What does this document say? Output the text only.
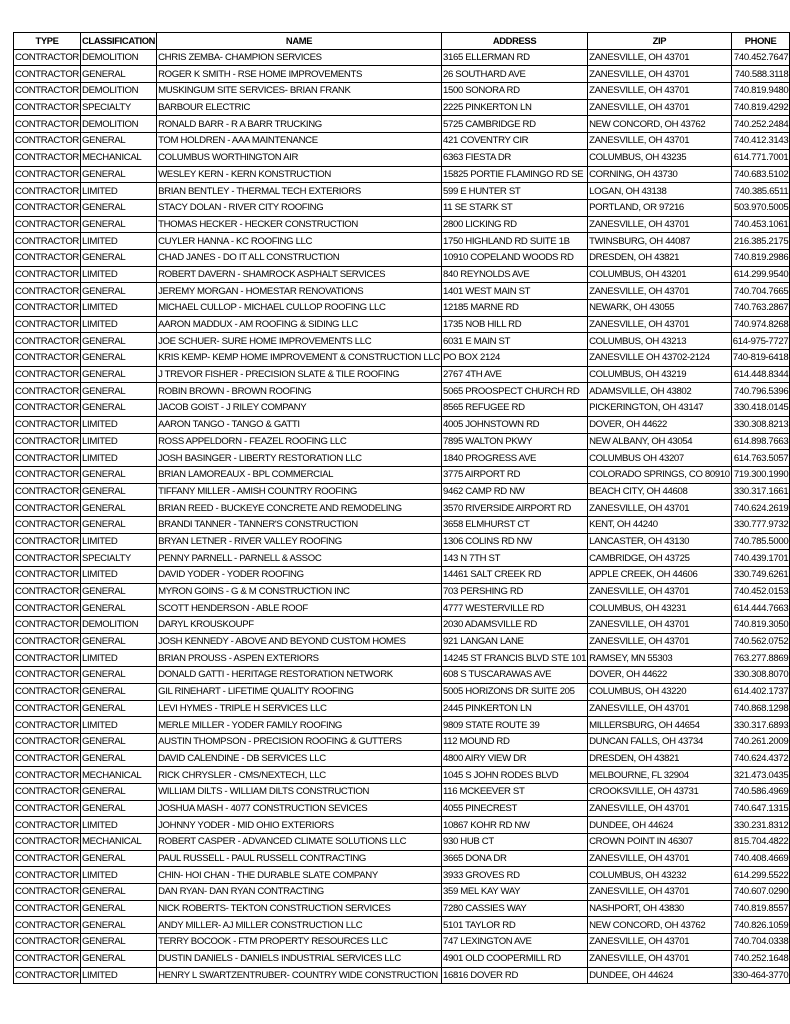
TYPE	CLASSIFICATION	NAME	ADDRESS	ZIP	PHONE
CONTRACTOR	DEMOLITION	CHRIS ZEMBA- CHAMPION SERVICES	3165 ELLERMAN RD	ZANESVILLE, OH 43701	740.452.7647
CONTRACTOR	GENERAL	ROGER K SMITH - RSE HOME IMPROVEMENTS	26 SOUTHARD AVE	ZANESVILLE, OH 43701	740.588.3118
CONTRACTOR	DEMOLITION	MUSKINGUM SITE SERVICES- BRIAN FRANK	1500 SONORA RD	ZANESVILLE, OH 43701	740.819.9480
CONTRACTOR	SPECIALTY	BARBOUR ELECTRIC	2225 PINKERTON LN	ZANESVILLE, OH 43701	740.819.4292
CONTRACTOR	DEMOLITION	RONALD BARR - R A BARR TRUCKING	5725 CAMBRIDGE RD	NEW CONCORD, OH 43762	740.252.2484
CONTRACTOR	GENERAL	TOM HOLDREN - AAA MAINTENANCE	421 COVENTRY CIR	ZANESVILLE, OH 43701	740.412.3143
CONTRACTOR	MECHANICAL	COLUMBUS WORTHINGTON AIR	6363 FIESTA DR	COLUMBUS, OH 43235	614.771.7001
CONTRACTOR	GENERAL	WESLEY KERN - KERN KONSTRUCTION	15825 PORTIE FLAMINGO RD SE	CORNING, OH 43730	740.683.5102
CONTRACTOR	LIMITED	BRIAN BENTLEY - THERMAL TECH EXTERIORS	599 E HUNTER ST	LOGAN, OH 43138	740.385.6511
CONTRACTOR	GENERAL	STACY DOLAN - RIVER CITY ROOFING	11 SE STARK ST	PORTLAND, OR 97216	503.970.5005
CONTRACTOR	GENERAL	THOMAS HECKER - HECKER CONSTRUCTION	2800 LICKING RD	ZANESVILLE, OH 43701	740.453.1061
CONTRACTOR	LIMITED	CUYLER HANNA - KC ROOFING LLC	1750 HIGHLAND RD SUITE 1B	TWINSBURG, OH 44087	216.385.2175
CONTRACTOR	GENERAL	CHAD JANES - DO IT ALL CONSTRUCTION	10910 COPELAND WOODS RD	DRESDEN, OH 43821	740.819.2986
CONTRACTOR	LIMITED	ROBERT DAVERN - SHAMROCK ASPHALT SERVICES	840 REYNOLDS AVE	COLUMBUS, OH 43201	614.299.9540
CONTRACTOR	GENERAL	JEREMY MORGAN - HOMESTAR RENOVATIONS	1401 WEST MAIN ST	ZANESVILLE, OH 43701	740.704.7665
CONTRACTOR	LIMITED	MICHAEL CULLOP - MICHAEL CULLOP ROOFING LLC	12185 MARNE RD	NEWARK, OH 43055	740.763.2867
CONTRACTOR	LIMITED	AARON MADDUX - AM ROOFING & SIDING LLC	1735 NOB HILL RD	ZANESVILLE, OH 43701	740.974.8268
CONTRACTOR	GENERAL	JOE SCHUER- SURE HOME IMPROVEMENTS LLC	6031 E MAIN ST	COLUMBUS, OH 43213	614-975-7727
CONTRACTOR	GENERAL	KRIS KEMP- KEMP HOME IMPROVEMENT & CONSTRUCTION LLC	PO BOX 2124	ZANESVILLE OH 43702-2124	740-819-6418
CONTRACTOR	GENERAL	J TREVOR FISHER - PRECISION SLATE & TILE ROOFING	2767 4TH AVE	COLUMBUS, OH 43219	614.448.8344
CONTRACTOR	GENERAL	ROBIN BROWN - BROWN ROOFING	5065 PROOSPECT CHURCH RD	ADAMSVILLE, OH 43802	740.796.5396
CONTRACTOR	GENERAL	JACOB GOIST - J RILEY COMPANY	8565 REFUGEE RD	PICKERINGTON, OH 43147	330.418.0145
CONTRACTOR	LIMITED	AARON TANGO - TANGO & GATTI	4005 JOHNSTOWN RD	DOVER, OH 44622	330.308.8213
CONTRACTOR	LIMITED	ROSS APPELDORN - FEAZEL ROOFING LLC	7895 WALTON PKWY	NEW ALBANY, OH 43054	614.898.7663
CONTRACTOR	LIMITED	JOSH BASINGER - LIBERTY RESTORATION LLC	1840 PROGRESS AVE	COLUMBUS OH 43207	614.763.5057
CONTRACTOR	GENERAL	BRIAN LAMOREAUX - BPL COMMERCIAL	3775 AIRPORT RD	COLORADO SPRINGS, CO 80910	719.300.1990
CONTRACTOR	GENERAL	TIFFANY MILLER - AMISH COUNTRY ROOFING	9462 CAMP RD NW	BEACH CITY, OH 44608	330.317.1661
CONTRACTOR	GENERAL	BRIAN REED - BUCKEYE CONCRETE AND REMODELING	3570 RIVERSIDE AIRPORT RD	ZANESVILLE, OH 43701	740.624.2619
CONTRACTOR	GENERAL	BRANDI TANNER - TANNER'S CONSTRUCTION	3658 ELMHURST CT	KENT, OH 44240	330.777.9732
CONTRACTOR	LIMITED	BRYAN LETNER - RIVER VALLEY ROOFING	1306 COLINS RD NW	LANCASTER, OH 43130	740.785.5000
CONTRACTOR	SPECIALTY	PENNY PARNELL - PARNELL & ASSOC	143 N 7TH ST	CAMBRIDGE, OH 43725	740.439.1701
CONTRACTOR	LIMITED	DAVID YODER - YODER ROOFING	14461 SALT CREEK RD	APPLE CREEK, OH 44606	330.749.6261
CONTRACTOR	GENERAL	MYRON GOINS - G & M CONSTRUCTION INC	703 PERSHING RD	ZANESVILLE, OH 43701	740.452.0153
CONTRACTOR	GENERAL	SCOTT HENDERSON - ABLE ROOF	4777 WESTERVILLE RD	COLUMBUS, OH 43231	614.444.7663
CONTRACTOR	DEMOLITION	DARYL KROUSKOUPF	2030 ADAMSVILLE RD	ZANESVILLE, OH 43701	740.819.3050
CONTRACTOR	GENERAL	JOSH KENNEDY - ABOVE AND BEYOND CUSTOM HOMES	921 LANGAN LANE	ZANESVILLE, OH 43701	740.562.0752
CONTRACTOR	LIMITED	BRIAN PROUSS - ASPEN EXTERIORS	14245 ST FRANCIS BLVD STE 101	RAMSEY, MN 55303	763.277.8869
CONTRACTOR	GENERAL	DONALD GATTI - HERITAGE RESTORATION NETWORK	608 S TUSCARAWAS AVE	DOVER, OH 44622	330.308.8070
CONTRACTOR	GENERAL	GIL RINEHART - LIFETIME QUALITY ROOFING	5005 HORIZONS DR SUITE 205	COLUMBUS, OH 43220	614.402.1737
CONTRACTOR	GENERAL	LEVI HYMES - TRIPLE H SERVICES LLC	2445 PINKERTON LN	ZANESVILLE, OH 43701	740.868.1298
CONTRACTOR	LIMITED	MERLE MILLER - YODER FAMILY ROOFING	9809 STATE ROUTE 39	MILLERSBURG, OH 44654	330.317.6893
CONTRACTOR	GENERAL	AUSTIN THOMPSON - PRECISION ROOFING & GUTTERS	112 MOUND RD	DUNCAN FALLS, OH 43734	740.261.2009
CONTRACTOR	GENERAL	DAVID CALENDINE - DB SERVICES LLC	4800 AIRY VIEW DR	DRESDEN, OH 43821	740.624.4372
CONTRACTOR	MECHANICAL	RICK CHRYSLER - CMS/NEXTECH, LLC	1045 S JOHN RODES BLVD	MELBOURNE, FL 32904	321.473.0435
CONTRACTOR	GENERAL	WILLIAM DILTS - WILLIAM DILTS CONSTRUCTION	116 MCKEEVER ST	CROOKSVILLE, OH 43731	740.586.4969
CONTRACTOR	GENERAL	JOSHUA MASH - 4077 CONSTRUCTION SEVICES	4055 PINECREST	ZANESVILLE, OH 43701	740.647.1315
CONTRACTOR	LIMITED	JOHNNY YODER - MID OHIO EXTERIORS	10867 KOHR RD NW	DUNDEE, OH 44624	330.231.8312
CONTRACTOR	MECHANICAL	ROBERT CASPER - ADVANCED CLIMATE SOLUTIONS LLC	930 HUB CT	CROWN POINT IN 46307	815.704.4822
CONTRACTOR	GENERAL	PAUL RUSSELL - PAUL RUSSELL CONTRACTING	3665 DONA DR	ZANESVILLE, OH 43701	740.408.4669
CONTRACTOR	LIMITED	CHIN- HOI CHAN - THE DURABLE SLATE COMPANY	3933 GROVES RD	COLUMBUS, OH 43232	614.299.5522
CONTRACTOR	GENERAL	DAN RYAN- DAN RYAN CONTRACTING	359 MEL KAY WAY	ZANESVILLE, OH 43701	740.607.0290
CONTRACTOR	GENERAL	NICK ROBERTS- TEKTON CONSTRUCTION SERVICES	7280 CASSIES WAY	NASHPORT, OH 43830	740.819.8557
CONTRACTOR	GENERAL	ANDY MILLER- AJ MILLER CONSTRUCTION LLC	5101 TAYLOR RD	NEW CONCORD, OH 43762	740.826.1059
CONTRACTOR	GENERAL	TERRY BOCOOK - FTM PROPERTY RESOURCES LLC	747 LEXINGTON AVE	ZANESVILLE, OH 43701	740.704.0338
CONTRACTOR	GENERAL	DUSTIN DANIELS - DANIELS INDUSTRIAL SERVICES LLC	4901 OLD COOPERMILL RD	ZANESVILLE, OH 43701	740.252.1648
CONTRACTOR	LIMITED	HENRY L SWARTZENTRUBER- COUNTRY WIDE CONSTRUCTION	16816 DOVER RD	DUNDEE, OH 44624	330-464-3770
